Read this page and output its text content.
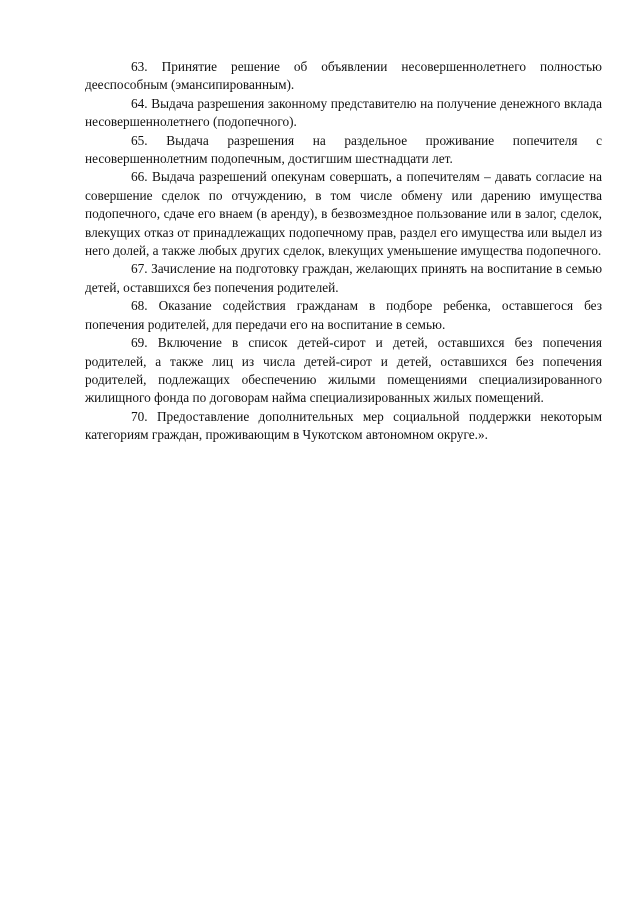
63. Принятие решение об объявлении несовершеннолетнего полностью дееспособным (эмансипированным).

64. Выдача разрешения законному представителю на получение денежного вклада несовершеннолетнего (подопечного).

65. Выдача разрешения на раздельное проживание попечителя с несовершеннолетним подопечным, достигшим шестнадцати лет.

66. Выдача разрешений опекунам совершать, а попечителям – давать согласие на совершение сделок по отчуждению, в том числе обмену или дарению имущества подопечного, сдаче его внаем (в аренду), в безвозмездное пользование или в залог, сделок, влекущих отказ от принадлежащих подопечному прав, раздел его имущества или выдел из него долей, а также любых других сделок, влекущих уменьшение имущества подопечного.

67. Зачисление на подготовку граждан, желающих принять на воспитание в семью детей, оставшихся без попечения родителей.

68. Оказание содействия гражданам в подборе ребенка, оставшегося без попечения родителей, для передачи его на воспитание в семью.

69. Включение в список детей-сирот и детей, оставшихся без попечения родителей, а также лиц из числа детей-сирот и детей, оставшихся без попечения родителей, подлежащих обеспечению жилыми помещениями специализированного жилищного фонда по договорам найма специализированных жилых помещений.

70. Предоставление дополнительных мер социальной поддержки некоторым категориям граждан, проживающим в Чукотском автономном округе.».
